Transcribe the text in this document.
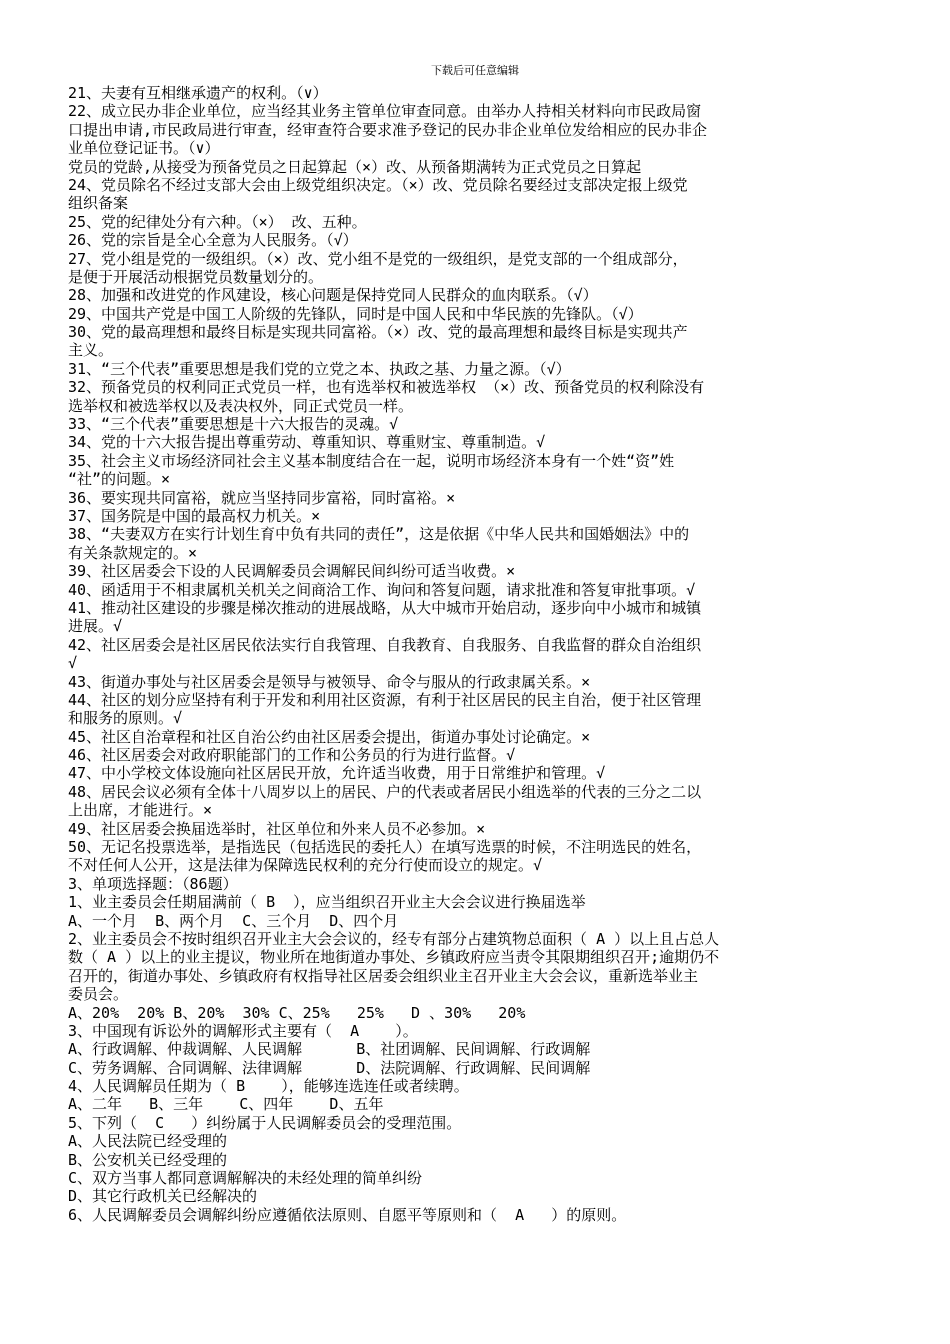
下载后可任意编辑
21、夫妻有互相继承遗产的权利。（∨）
22、成立民办非企业单位，应当经其业务主管单位审查同意。由举办人持相关材料向市民政局窗
口提出申请,市民政局进行审查，经审查符合要求准予登记的民办非企业单位发给相应的民办非企
业单位登记证书。（∨）
党员的党龄,从接受为预备党员之日起算起（×）改、从预备期满转为正式党员之日算起
24、党员除名不经过支部大会由上级党组织决定。（×）改、党员除名要经过支部决定报上级党
组织备案
25、党的纪律处分有六种。（×） 改、五种。
26、党的宗旨是全心全意为人民服务。（√）
27、党小组是党的一级组织。（×）改、党小组不是党的一级组织，是党支部的一个组成部分，
是便于开展活动根据党员数量划分的。
28、加强和改进党的作风建设，核心问题是保持党同人民群众的血肉联系。（√）
29、中国共产党是中国工人阶级的先锋队，同时是中国人民和中华民族的先锋队。（√）
30、党的最高理想和最终目标是实现共同富裕。（×）改、党的最高理想和最终目标是实现共产
主义。
31、“三个代表”重要思想是我们党的立党之本、执政之基、力量之源。（√）
32、预备党员的权利同正式党员一样，也有选举权和被选举权 （×）改、预备党员的权利除没有
选举权和被选举权以及表决权外，同正式党员一样。
33、“三个代表”重要思想是十六大报告的灵魂。√
34、党的十六大报告提出尊重劳动、尊重知识、尊重财宝、尊重制造。√
35、社会主义市场经济同社会主义基本制度结合在一起，说明市场经济本身有一个姓“资”姓
“社”的问题。×
36、要实现共同富裕，就应当坚持同步富裕，同时富裕。×
37、国务院是中国的最高权力机关。×
38、“夫妻双方在实行计划生育中负有共同的责任”，这是依据《中华人民共和国婚姻法》中的
有关条款规定的。×
39、社区居委会下设的人民调解委员会调解民间纠纷可适当收费。×
40、函适用于不相隶属机关机关之间商洽工作、询问和答复问题，请求批准和答复审批事项。√
41、推动社区建设的步骤是梯次推动的进展战略，从大中城市开始启动，逐步向中小城市和城镇
进展。√
42、社区居委会是社区居民依法实行自我管理、自我教育、自我服务、自我监督的群众自治组织
√
43、街道办事处与社区居委会是领导与被领导、命令与服从的行政隶属关系。×
44、社区的划分应坚持有利于开发和利用社区资源，有利于社区居民的民主自治，便于社区管理
和服务的原则。√
45、社区自治章程和社区自治公约由社区居委会提出，街道办事处讨论确定。×
46、社区居委会对政府职能部门的工作和公务员的行为进行监督。√
47、中小学校文体设施向社区居民开放，允许适当收费，用于日常维护和管理。√
48、居民会议必须有全体十八周岁以上的居民、户的代表或者居民小组选举的代表的三分之二以
上出席，才能进行。×
49、社区居委会换届选举时，社区单位和外来人员不必参加。×
50、无记名投票选举，是指选民（包括选民的委托人）在填写选票的时候，不注明选民的姓名，
不对任何人公开，这是法律为保障选民权利的充分行使而设立的规定。√
3、单项选择题：（86题）
1、业主委员会任期届满前（ B  ），应当组织召开业主大会会议进行换届选举
A、一个月  B、两个月  C、三个月  D、四个月
2、业主委员会不按时组织召开业主大会会议的，经专有部分占建筑物总面积（ A ）以上且占总人
数（ A ）以上的业主提议，物业所在地街道办事处、乡镇政府应当责令其限期组织召开;逾期仍不
召开的，街道办事处、乡镇政府有权指导社区居委会组织业主召开业主大会会议，重新选举业主
委员会。
A、20%  20% B、20%  30% C、25%   25%   D 、30%   20%
3、中国现有诉讼外的调解形式主要有（  A    ）。
A、行政调解、仲裁调解、人民调解      B、社团调解、民间调解、行政调解
C、劳务调解、合同调解、法律调解      D、法院调解、行政调解、民间调解
4、人民调解员任期为（ B    ），能够连选连任或者续聘。
A、二年   B、三年    C、四年    D、五年
5、下列（  C   ）纠纷属于人民调解委员会的受理范围。
A、人民法院已经受理的
B、公安机关已经受理的
C、双方当事人都同意调解解决的未经处理的简单纠纷
D、其它行政机关已经解决的
6、人民调解委员会调解纠纷应遵循依法原则、自愿平等原则和（  A   ）的原则。
